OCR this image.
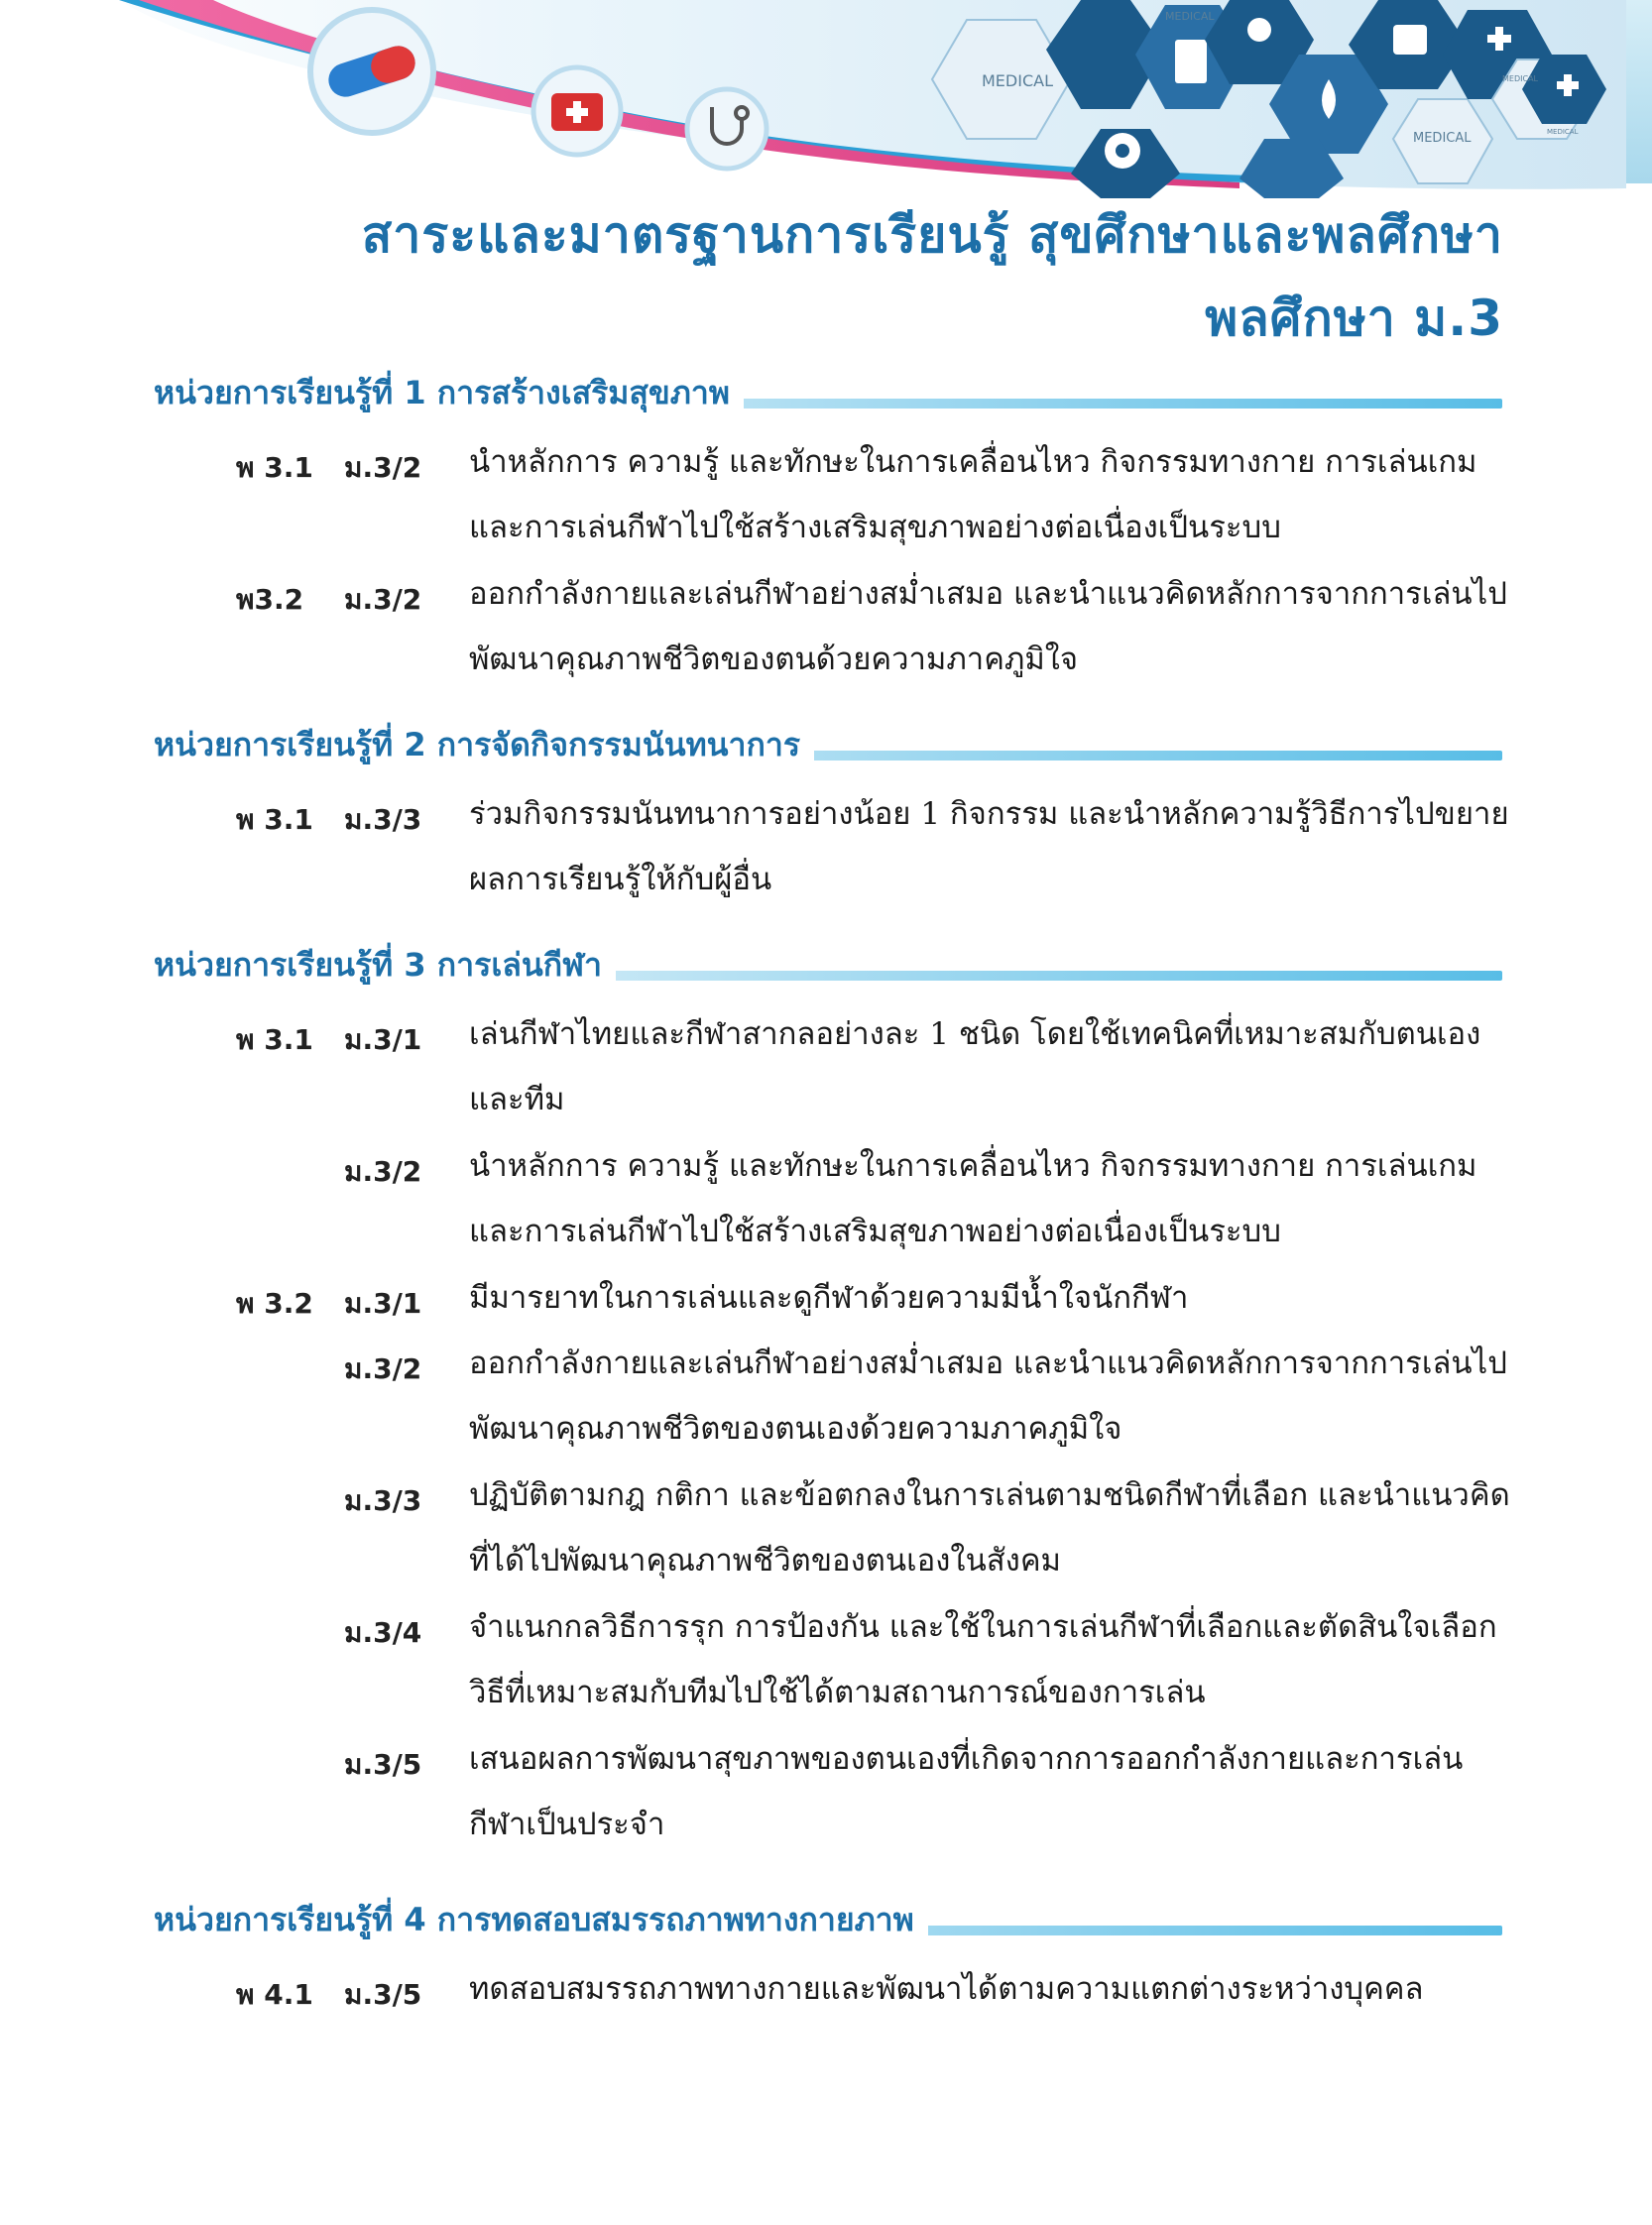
MEDICAL
MEDICAL
MEDICAL
MEDICAL
MEDICAL
สาระและมาตรฐานการเรียนรู้ สุขศึกษาและพลศึกษา
พลศึกษา ม.3
หน่วยการเรียนรู้ที่ 1 การสร้างเสริมสุขภาพ
พ 3.1 ม.3/2 นำหลักการ ความรู้ และทักษะในการเคลื่อนไหว กิจกรรมทางกาย การเล่นเกม
และการเล่นกีฬาไปใช้สร้างเสริมสุขภาพอย่างต่อเนื่องเป็นระบบ
พ3.2 ม.3/2 ออกกำลังกายและเล่นกีฬาอย่างสม่ำเสมอ และนำแนวคิดหลักการจากการเล่นไป
พัฒนาคุณภาพชีวิตของตนด้วยความภาคภูมิใจ
หน่วยการเรียนรู้ที่ 2 การจัดกิจกรรมนันทนาการ
พ 3.1 ม.3/3 ร่วมกิจกรรมนันทนาการอย่างน้อย 1 กิจกรรม และนำหลักความรู้วิธีการไปขยาย
ผลการเรียนรู้ให้กับผู้อื่น
หน่วยการเรียนรู้ที่ 3 การเล่นกีฬา
พ 3.1 ม.3/1 เล่นกีฬาไทยและกีฬาสากลอย่างละ 1 ชนิด โดยใช้เทคนิคที่เหมาะสมกับตนเอง
และทีม
ม.3/2 นำหลักการ ความรู้ และทักษะในการเคลื่อนไหว กิจกรรมทางกาย การเล่นเกม
และการเล่นกีฬาไปใช้สร้างเสริมสุขภาพอย่างต่อเนื่องเป็นระบบ
พ 3.2 ม.3/1 มีมารยาทในการเล่นและดูกีฬาด้วยความมีน้ำใจนักกีฬา
ม.3/2 ออกกำลังกายและเล่นกีฬาอย่างสม่ำเสมอ และนำแนวคิดหลักการจากการเล่นไป
พัฒนาคุณภาพชีวิตของตนเองด้วยความภาคภูมิใจ
ม.3/3 ปฏิบัติตามกฎ กติกา และข้อตกลงในการเล่นตามชนิดกีฬาที่เลือก และนำแนวคิด
ที่ได้ไปพัฒนาคุณภาพชีวิตของตนเองในสังคม
ม.3/4 จำแนกกลวิธีการรุก การป้องกัน และใช้ในการเล่นกีฬาที่เลือกและตัดสินใจเลือก
วิธีที่เหมาะสมกับทีมไปใช้ได้ตามสถานการณ์ของการเล่น
ม.3/5 เสนอผลการพัฒนาสุขภาพของตนเองที่เกิดจากการออกกำลังกายและการเล่น
กีฬาเป็นประจำ
หน่วยการเรียนรู้ที่ 4 การทดสอบสมรรถภาพทางกายภาพ
พ 4.1 ม.3/5 ทดสอบสมรรถภาพทางกายและพัฒนาได้ตามความแตกต่างระหว่างบุคคล
